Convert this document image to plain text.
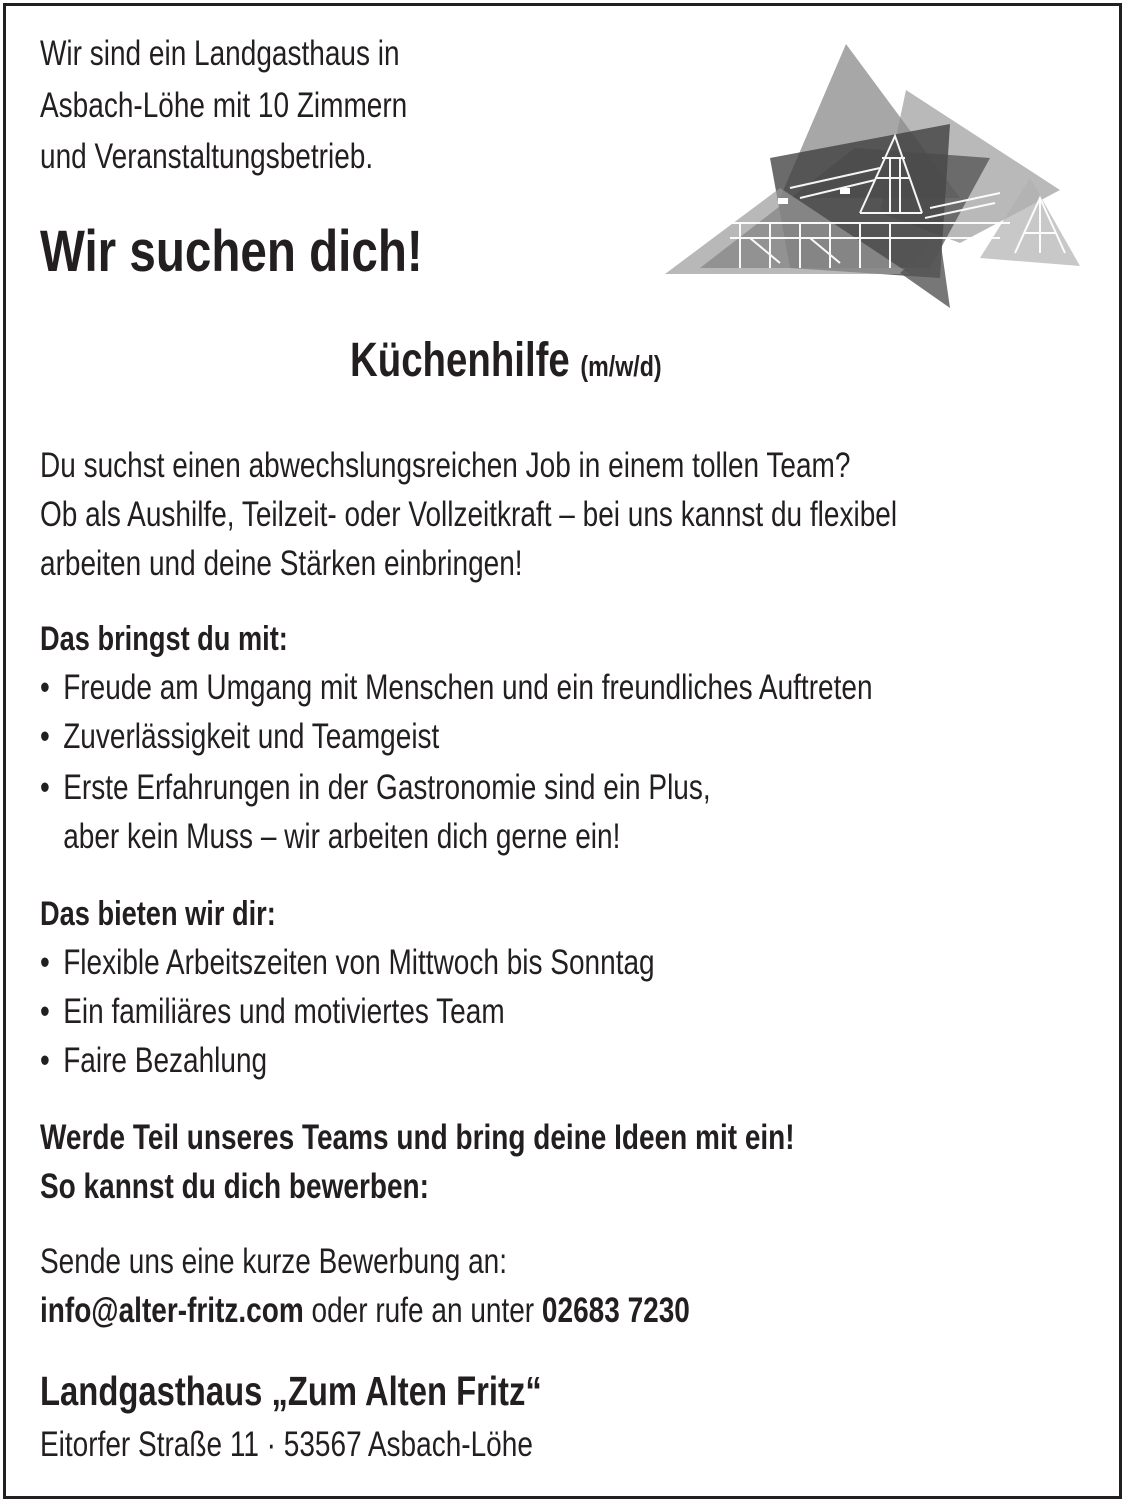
Wir sind ein Landgasthaus in
Asbach-Löhe mit 10 Zimmern
und Veranstaltungsbetrieb.
Wir suchen dich!
Küchenhilfe (m/w/d)
Du suchst einen abwechslungsreichen Job in einem tollen Team?
Ob als Aushilfe, Teilzeit- oder Vollzeitkraft – bei uns kannst du flexibel
arbeiten und deine Stärken einbringen!
Das bringst du mit:
• Freude am Umgang mit Menschen und ein freundliches Auftreten
• Zuverlässigkeit und Teamgeist
• Erste Erfahrungen in der Gastronomie sind ein Plus,
aber kein Muss – wir arbeiten dich gerne ein!
Das bieten wir dir:
• Flexible Arbeitszeiten von Mittwoch bis Sonntag
• Ein familiäres und motiviertes Team
• Faire Bezahlung
Werde Teil unseres Teams und bring deine Ideen mit ein!
So kannst du dich bewerben:
Sende uns eine kurze Bewerbung an:
info@alter-fritz.com oder rufe an unter 02683 7230
Landgasthaus „Zum Alten Fritz“
Eitorfer Straße 11 · 53567 Asbach-Löhe
